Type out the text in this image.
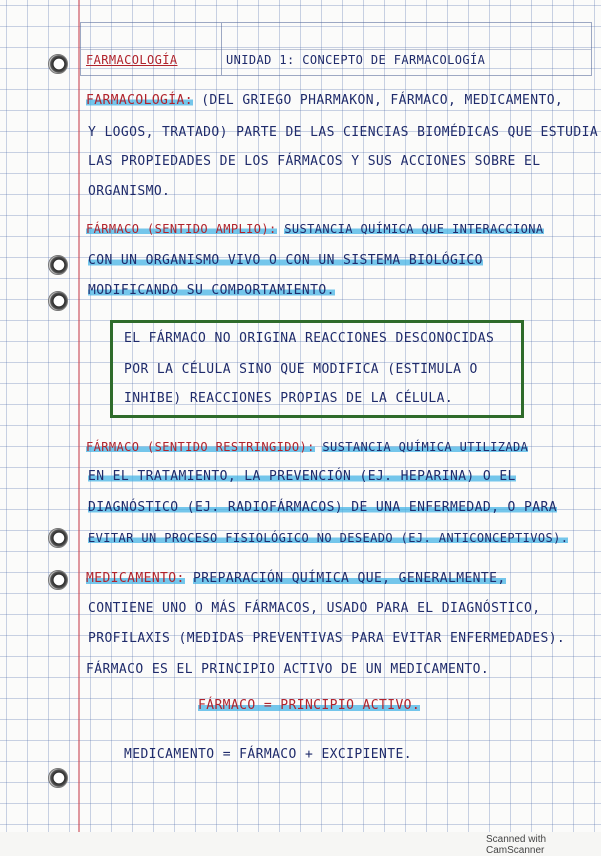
FARMACOLOGÍA	UNIDAD 1: CONCEPTO DE FARMACOLOGÍA
FARMACOLOGÍA: (DEL GRIEGO PHARMAKON, FÁRMACO, MEDICAMENTO,
Y LOGOS, TRATADO) PARTE DE LAS CIENCIAS BIOMÉDICAS QUE ESTUDIA
LAS PROPIEDADES DE LOS FÁRMACOS Y SUS ACCIONES SOBRE EL
ORGANISMO.
FÁRMACO (SENTIDO AMPLIO): SUSTANCIA QUÍMICA QUE INTERACCIONA
CON UN ORGANISMO VIVO O CON UN SISTEMA BIOLÓGICO
MODIFICANDO SU COMPORTAMIENTO.
EL FÁRMACO NO ORIGINA REACCIONES DESCONOCIDAS
POR LA CÉLULA SINO QUE MODIFICA (ESTIMULA O
INHIBE) REACCIONES PROPIAS DE LA CÉLULA.
FÁRMACO (SENTIDO RESTRINGIDO): SUSTANCIA QUÍMICA UTILIZADA
EN EL TRATAMIENTO, LA PREVENCIÓN (EJ. HEPARINA) O EL
DIAGNÓSTICO (EJ. RADIOFÁRMACOS) DE UNA ENFERMEDAD, O PARA
EVITAR UN PROCESO FISIOLÓGICO NO DESEADO (EJ. ANTICONCEPTIVOS).
MEDICAMENTO: PREPARACIÓN QUÍMICA QUE, GENERALMENTE,
CONTIENE UNO O MÁS FÁRMACOS, USADO PARA EL DIAGNÓSTICO,
PROFILAXIS (MEDIDAS PREVENTIVAS PARA EVITAR ENFERMEDADES).
FÁRMACO ES EL PRINCIPIO ACTIVO DE UN MEDICAMENTO.
FÁRMACO = PRINCIPIO ACTIVO.
MEDICAMENTO = FÁRMACO + EXCIPIENTE.
Scanned with CamScanner
